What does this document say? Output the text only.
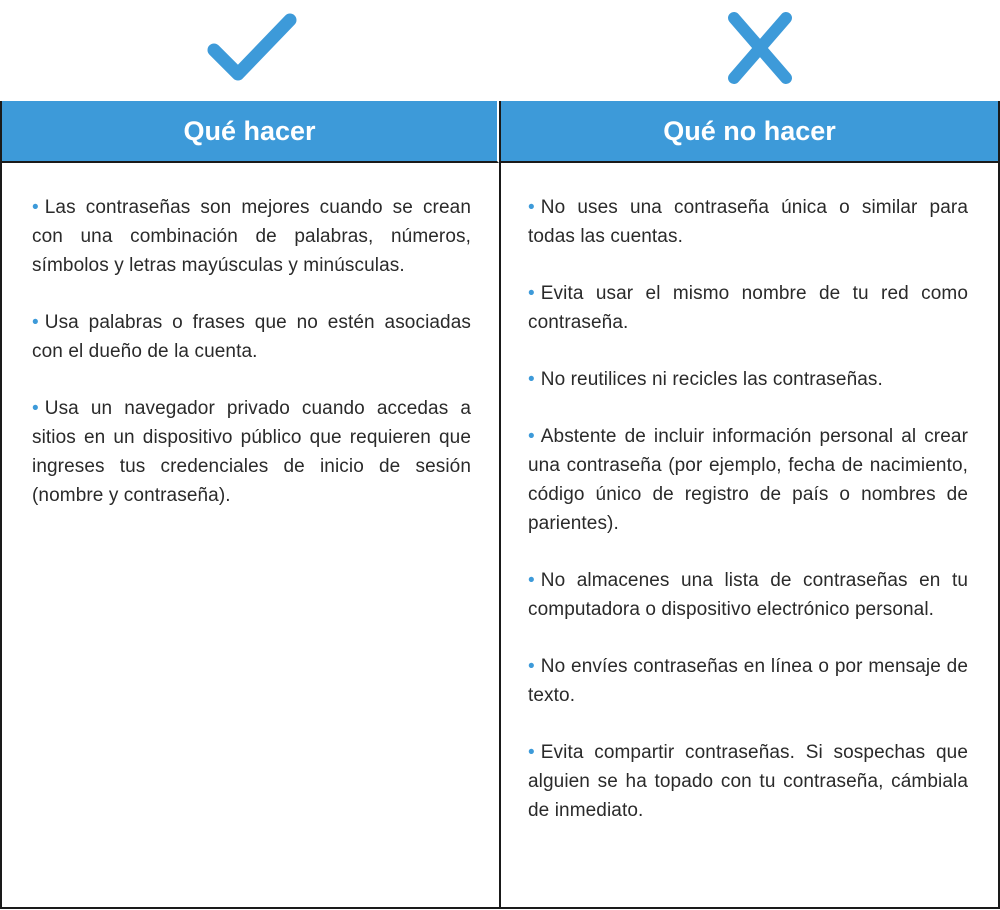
Qué hacer

• Las contraseñas son mejores cuando se crean con una combinación de palabras, números, símbolos y letras mayúsculas y minúsculas.

• Usa palabras o frases que no estén asociadas con el dueño de la cuenta.

• Usa un navegador privado cuando accedas a sitios en un dispositivo público que requieren que ingreses tus credenciales de inicio de sesión (nombre y contraseña).

Qué no hacer

• No uses una contraseña única o similar para todas las cuentas.

• Evita usar el mismo nombre de tu red como contraseña.

• No reutilices ni recicles las contraseñas.

• Abstente de incluir información personal al crear una contraseña (por ejemplo, fecha de nacimiento, código único de registro de país o nombres de parientes).

• No almacenes una lista de contraseñas en tu computadora o dispositivo electrónico personal.

• No envíes contraseñas en línea o por mensaje de texto.

• Evita compartir contraseñas. Si sospechas que alguien se ha topado con tu contraseña, cámbiala de inmediato.
